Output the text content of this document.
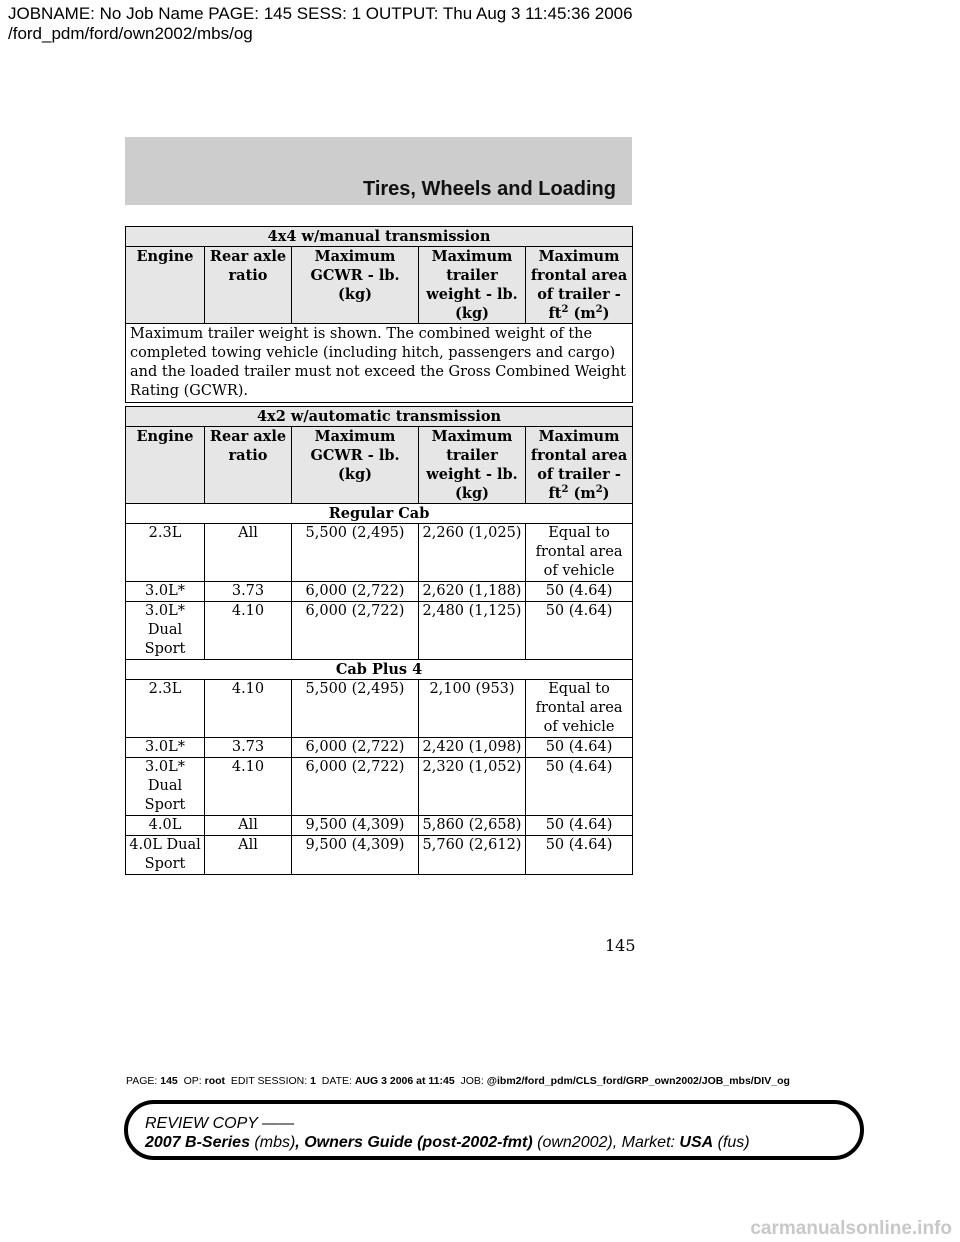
JOBNAME: No Job Name PAGE: 145 SESS: 1 OUTPUT: Thu Aug 3 11:45:36 2006
/ford_pdm/ford/own2002/mbs/og
Tires, Wheels and Loading
4x4 w/manual transmission
Engine	Rear axle ratio	Maximum GCWR - lb. (kg)	Maximum trailer weight - lb. (kg)	Maximum frontal area of trailer - $ft^2$ $(m^2)$
Maximum trailer weight is shown. The combined weight of the completed towing vehicle (including hitch, passengers and cargo) and the loaded trailer must not exceed the Gross Combined Weight Rating (GCWR).
4x2 w/automatic transmission				
Engine	Rear axle ratio	Maximum GCWR - lb. (kg)	Maximum trailer weight - lb. (kg)	Maximum frontal area of trailer - $ft^2$ $(m^2)$
Regular Cab				
2.3L	All	5,500 (2,495)	2,260 (1,025)	Equal to frontal area of vehicle
3.0L*	3.73	6,000 (2,722)	2,620 (1,188)	50 (4.64)
3.0L* Dual Sport	4.10	6,000 (2,722)	2,480 (1,125)	50 (4.64)
Cab Plus 4				
2.3L	4.10	5,500 (2,495)	2,100 (953)	Equal to frontal area of vehicle
3.0L*	3.73	6,000 (2,722)	2,420 (1,098)	50 (4.64)
3.0L* Dual Sport	4.10	6,000 (2,722)	2,320 (1,052)	50 (4.64)
4.0L	All	9,500 (4,309)	5,860 (2,658)	50 (4.64)
4.0L Dual Sport	All	9,500 (4,309)	5,760 (2,612)	50 (4.64)
145
PAGE: 145 OP: root EDIT SESSION: 1 DATE: AUG 3 2006 at 11:45 JOB: @ibm2/ford_pdm/CLS_ford/GRP_own2002/JOB_mbs/DIV_og
REVIEW COPY ——
2007 B-Series (mbs), Owners Guide (post-2002-fmt) (own2002), Market: USA (fus)
carmanualsonline.info
